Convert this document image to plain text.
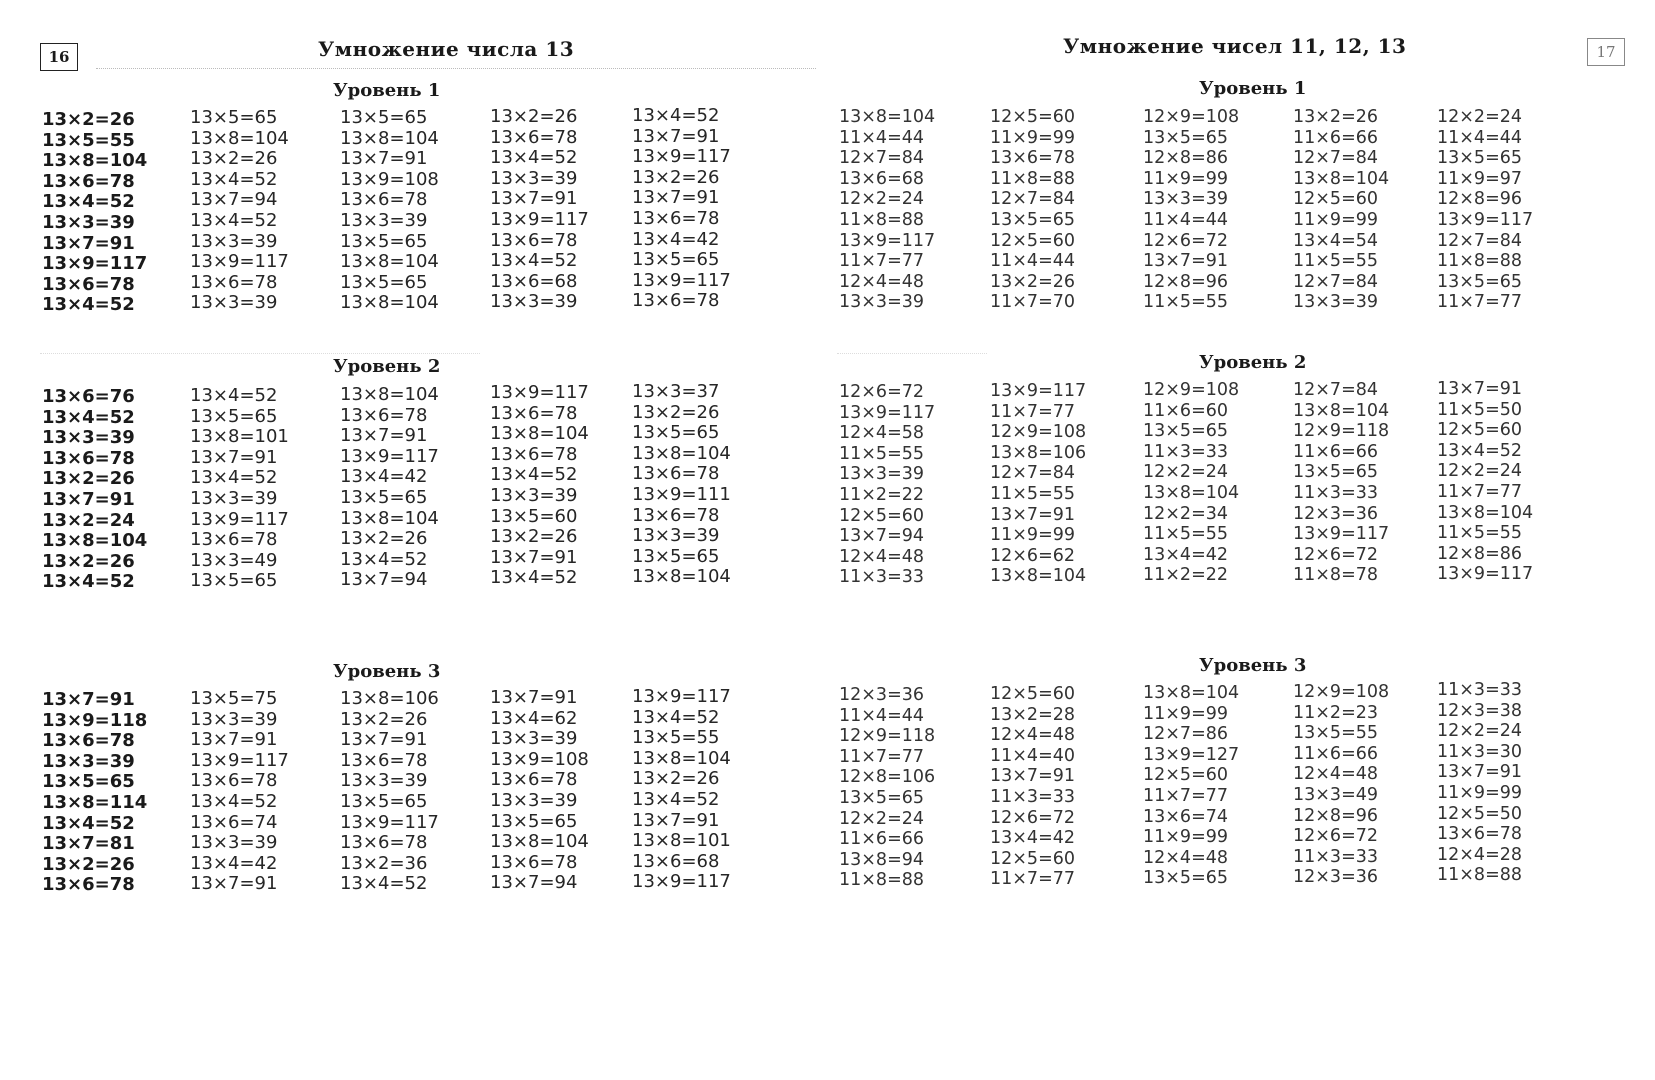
16	Умножение числа 13
Уровень 1
13×2=26
13×5=55
13×8=104
13×6=78
13×4=52
13×3=39
13×7=91
13×9=117
13×6=78
13×4=52
13×5=65
13×8=104
13×2=26
13×4=52
13×7=94
13×4=52
13×3=39
13×9=117
13×6=78
13×3=39
13×5=65
13×8=104
13×7=91
13×9=108
13×6=78
13×3=39
13×5=65
13×8=104
13×5=65
13×8=104
13×2=26
13×6=78
13×4=52
13×3=39
13×7=91
13×9=117
13×6=78
13×4=52
13×6=68
13×3=39
13×4=52
13×7=91
13×9=117
13×2=26
13×7=91
13×6=78
13×4=42
13×5=65
13×9=117
13×6=78
Уровень 2
13×6=76
13×4=52
13×3=39
13×6=78
13×2=26
13×7=91
13×2=24
13×8=104
13×2=26
13×4=52
13×4=52
13×5=65
13×8=101
13×7=91
13×4=52
13×3=39
13×9=117
13×6=78
13×3=49
13×5=65
13×8=104
13×6=78
13×7=91
13×9=117
13×4=42
13×5=65
13×8=104
13×2=26
13×4=52
13×7=94
13×9=117
13×6=78
13×8=104
13×6=78
13×4=52
13×3=39
13×5=60
13×2=26
13×7=91
13×4=52
13×3=37
13×2=26
13×5=65
13×8=104
13×6=78
13×9=111
13×6=78
13×3=39
13×5=65
13×8=104
Уровень 3
13×7=91
13×9=118
13×6=78
13×3=39
13×5=65
13×8=114
13×4=52
13×7=81
13×2=26
13×6=78
13×5=75
13×3=39
13×7=91
13×9=117
13×6=78
13×4=52
13×6=74
13×3=39
13×4=42
13×7=91
13×8=106
13×2=26
13×7=91
13×6=78
13×3=39
13×5=65
13×9=117
13×6=78
13×2=36
13×4=52
13×7=91
13×4=62
13×3=39
13×9=108
13×6=78
13×3=39
13×5=65
13×8=104
13×6=78
13×7=94
13×9=117
13×4=52
13×5=55
13×8=104
13×2=26
13×4=52
13×7=91
13×8=101
13×6=68
13×9=117
17
Умножение чисел 11, 12, 13
Уровень 1
13×8=104
11×4=44
12×7=84
13×6=68
12×2=24
11×8=88
13×9=117
11×7=77
12×4=48
13×3=39
12×5=60
11×9=99
13×6=78
11×8=88
12×7=84
13×5=65
12×5=60
11×4=44
13×2=26
11×7=70
12×9=108
13×5=65
12×8=86
11×9=99
13×3=39
11×4=44
12×6=72
13×7=91
12×8=96
11×5=55
13×2=26
11×6=66
12×7=84
13×8=104
12×5=60
11×9=99
13×4=54
11×5=55
12×7=84
13×3=39
12×2=24
11×4=44
13×5=65
11×9=97
12×8=96
13×9=117
12×7=84
11×8=88
13×5=65
11×7=77
Уровень 2
12×6=72
13×9=117
12×4=58
11×5=55
13×3=39
11×2=22
12×5=60
13×7=94
12×4=48
11×3=33
13×9=117
11×7=77
12×9=108
13×8=106
12×7=84
11×5=55
13×7=91
11×9=99
12×6=62
13×8=104
12×9=108
11×6=60
13×5=65
11×3=33
12×2=24
13×8=104
12×2=34
11×5=55
13×4=42
11×2=22
12×7=84
13×8=104
12×9=118
11×6=66
13×5=65
11×3=33
12×3=36
13×9=117
12×6=72
11×8=78
13×7=91
11×5=50
12×5=60
13×4=52
12×2=24
11×7=77
13×8=104
11×5=55
12×8=86
13×9=117
Уровень 3
12×3=36
11×4=44
12×9=118
11×7=77
12×8=106
13×5=65
12×2=24
11×6=66
13×8=94
11×8=88
12×5=60
13×2=28
12×4=48
11×4=40
13×7=91
11×3=33
12×6=72
13×4=42
12×5=60
11×7=77
13×8=104
11×9=99
12×7=86
13×9=127
12×5=60
11×7=77
13×6=74
11×9=99
12×4=48
13×5=65
12×9=108
11×2=23
13×5=55
11×6=66
12×4=48
13×3=49
12×8=96
12×6=72
11×3=33
12×3=36
11×3=33
12×3=38
12×2=24
11×3=30
13×7=91
11×9=99
12×5=50
13×6=78
12×4=28
11×8=88
